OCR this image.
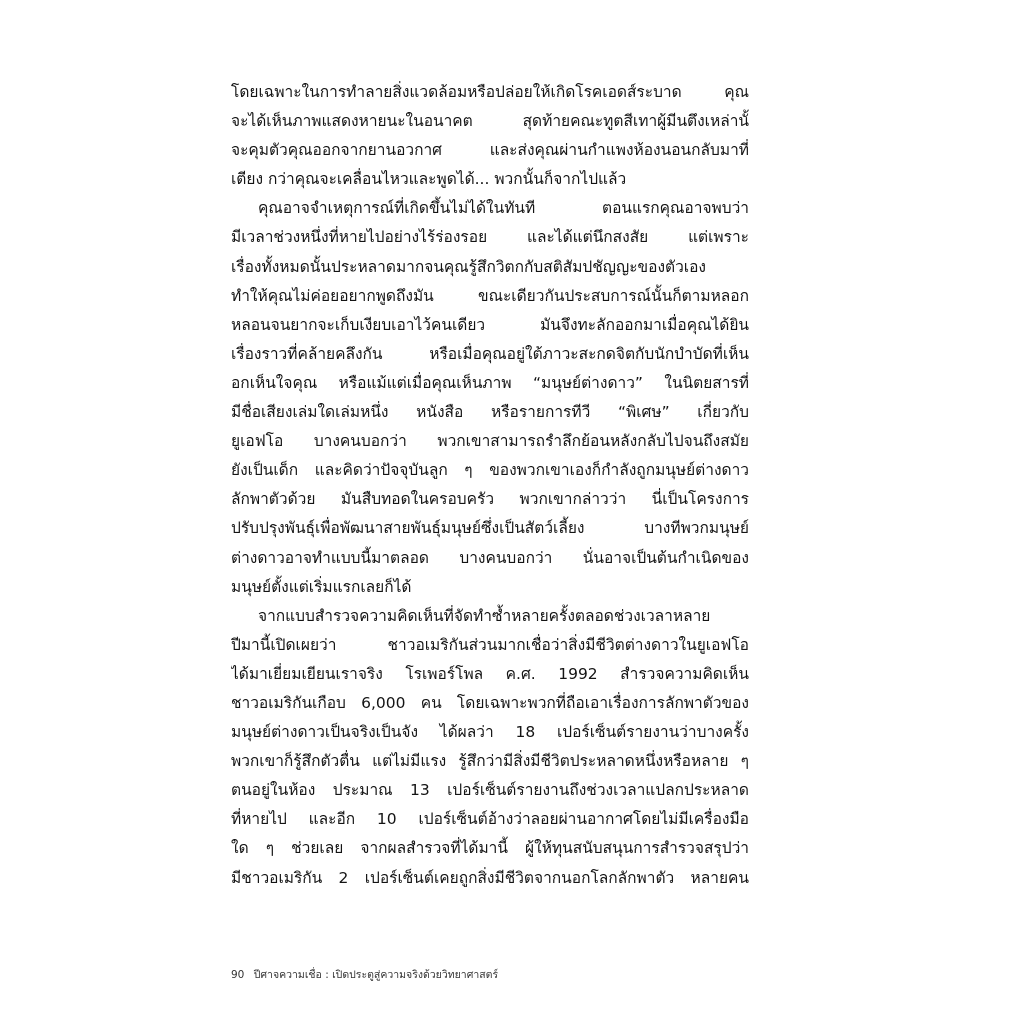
โดยเฉพาะในการทำลายสิ่งแวดล้อมหรือปล่อยให้เกิดโรคเอดส์ระบาด คุณ
จะได้เห็นภาพแสดงหายนะในอนาคต สุดท้ายคณะทูตสีเทาผู้มีนตึงเหล่านั้
จะคุมตัวคุณออกจากยานอวกาศ และส่งคุณผ่านกำแพงห้องนอนกลับมาที่
เตียง กว่าคุณจะเคลื่อนไหวและพูดได้... พวกนั้นก็จากไปแล้ว
คุณอาจจำเหตุการณ์ที่เกิดขึ้นไม่ได้ในทันที ตอนแรกคุณอาจพบว่า
มีเวลาช่วงหนึ่งที่หายไปอย่างไร้ร่องรอย และได้แต่นึกสงสัย แต่เพราะ
เรื่องทั้งหมดนั้นประหลาดมากจนคุณรู้สึกวิตกกับสติสัมปชัญญะของตัวเอง
ทำให้คุณไม่ค่อยอยากพูดถึงมัน ขณะเดียวกันประสบการณ์นั้นก็ตามหลอก
หลอนจนยากจะเก็บเงียบเอาไว้คนเดียว มันจึงทะลักออกมาเมื่อคุณได้ยิน
เรื่องราวที่คล้ายคลึงกัน หรือเมื่อคุณอยู่ใต้ภาวะสะกดจิตกับนักบำบัดที่เห็น
อกเห็นใจคุณ หรือแม้แต่เมื่อคุณเห็นภาพ “มนุษย์ต่างดาว” ในนิตยสารที่
มีชื่อเสียงเล่มใดเล่มหนึ่ง หนังสือ หรือรายการทีวี “พิเศษ” เกี่ยวกับ
ยูเอฟโอ บางคนบอกว่า พวกเขาสามารถรำลึกย้อนหลังกลับไปจนถึงสมัย
ยังเป็นเด็ก และคิดว่าปัจจุบันลูก ๆ ของพวกเขาเองก็กำลังถูกมนุษย์ต่างดาว
ลักพาตัวด้วย มันสืบทอดในครอบครัว พวกเขากล่าวว่า นี่เป็นโครงการ
ปรับปรุงพันธุ์เพื่อพัฒนาสายพันธุ์มนุษย์ซึ่งเป็นสัตว์เลี้ยง บางทีพวกมนุษย์
ต่างดาวอาจทำแบบนี้มาตลอด บางคนบอกว่า นั่นอาจเป็นต้นกำเนิดของ
มนุษย์ตั้งแต่เริ่มแรกเลยก็ได้
จากแบบสำรวจความคิดเห็นที่จัดทำซ้ำหลายครั้งตลอดช่วงเวลาหลาย
ปีมานี้เปิดเผยว่า ชาวอเมริกันส่วนมากเชื่อว่าสิ่งมีชีวิตต่างดาวในยูเอฟโอ
ได้มาเยี่ยมเยียนเราจริง โรเพอร์โพล ค.ศ. 1992 สำรวจความคิดเห็น
ชาวอเมริกันเกือบ 6,000 คน โดยเฉพาะพวกที่ถือเอาเรื่องการลักพาตัวของ
มนุษย์ต่างดาวเป็นจริงเป็นจัง ได้ผลว่า 18 เปอร์เซ็นต์รายงานว่าบางครั้ง
พวกเขาก็รู้สึกตัวตื่น แต่ไม่มีแรง รู้สึกว่ามีสิ่งมีชีวิตประหลาดหนึ่งหรือหลาย ๆ
ตนอยู่ในห้อง ประมาณ 13 เปอร์เซ็นต์รายงานถึงช่วงเวลาแปลกประหลาด
ที่หายไป และอีก 10 เปอร์เซ็นต์อ้างว่าลอยผ่านอากาศโดยไม่มีเครื่องมือ
ใด ๆ ช่วยเลย จากผลสำรวจที่ได้มานี้ ผู้ให้ทุนสนับสนุนการสำรวจสรุปว่า
มีชาวอเมริกัน 2 เปอร์เซ็นต์เคยถูกสิ่งมีชีวิตจากนอกโลกลักพาตัว หลายคน
90 ปีศาจความเชื่อ : เปิดประตูสู่ความจริงด้วยวิทยาศาสตร์
